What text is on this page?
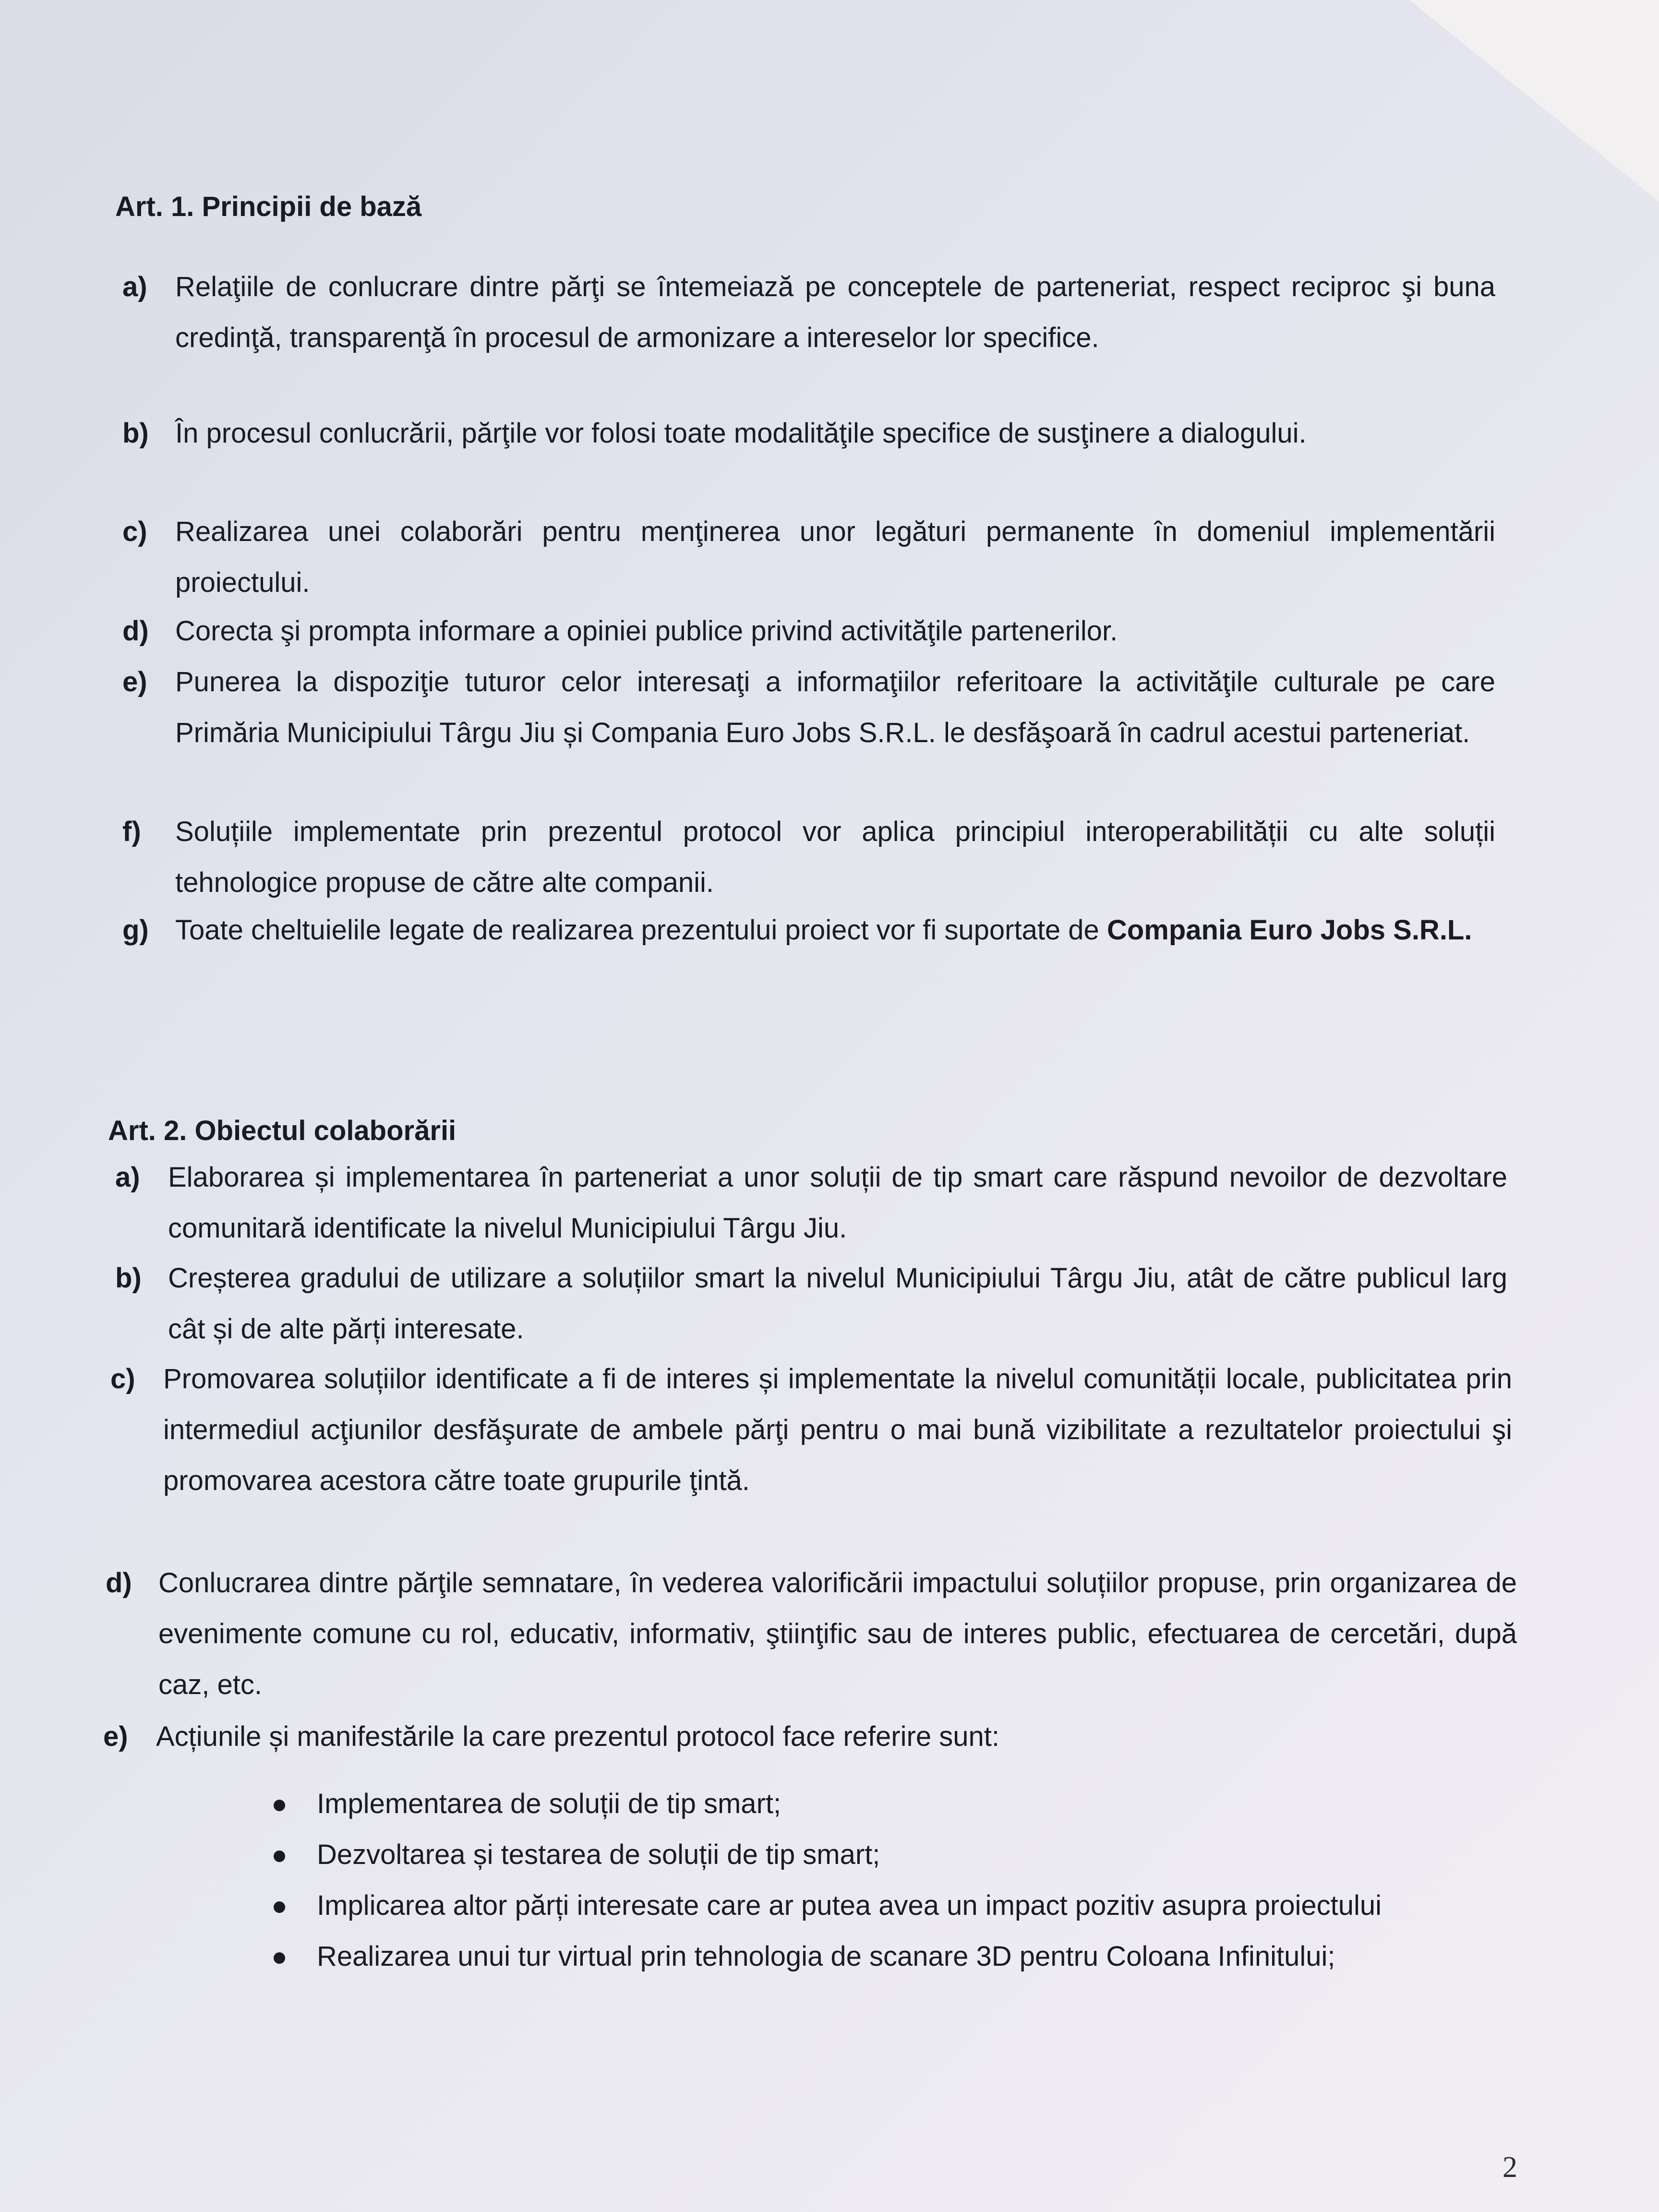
Art. 1. Principii de bază
a)	Relaţiile de conlucrare dintre părţi se întemeiază pe conceptele de parteneriat, respect reciproc şi buna credinţă, transparenţă în procesul de armonizare a intereselor lor specifice.
b) În procesul conlucrării, părţile vor folosi toate modalităţile specifice de susţinere a dialogului.
c)	Realizarea unei colaborări pentru menţinerea unor legături permanente în domeniul implementării proiectului.
d) Corecta şi prompta informare a opiniei publice privind activităţile partenerilor.
e)	Punerea la dispoziţie tuturor celor interesaţi a informaţiilor referitoare la activităţile culturale pe care Primăria Municipiului Târgu Jiu și Compania Euro Jobs S.R.L. le desfăşoară în cadrul acestui parteneriat.
f)	Soluțiile implementate prin prezentul protocol vor aplica principiul interoperabilității cu alte soluții tehnologice propuse de către alte companii.
g) Toate cheltuielile legate de realizarea prezentului proiect vor fi suportate de Compania Euro Jobs S.R.L.
Art. 2. Obiectul colaborării
a)	Elaborarea și implementarea în parteneriat a unor soluții de tip smart care răspund nevoilor de dezvoltare comunitară identificate la nivelul Municipiului Târgu Jiu.
b) Creșterea gradului de utilizare a soluțiilor smart la nivelul Municipiului Târgu Jiu, atât de către publicul larg cât și de alte părți interesate.
c)	Promovarea soluțiilor identificate a fi de interes și implementate la nivelul comunității locale, publicitatea prin intermediul acţiunilor desfăşurate de ambele părţi pentru o mai bună vizibilitate a rezultatelor proiectului şi promovarea acestora către toate grupurile ţintă.
d) Conlucrarea dintre părţile semnatare, în vederea valorificării impactului soluțiilor propuse, prin organizarea de evenimente comune cu rol, educativ, informativ, ştiinţific sau de interes public, efectuarea de cercetări, după caz, etc.
e)	Acțiunile și manifestările la care prezentul protocol face referire sunt:
Implementarea de soluții de tip smart;
Dezvoltarea și testarea de soluții de tip smart;
Implicarea altor părți interesate care ar putea avea un impact pozitiv asupra proiectului
Realizarea unui tur virtual prin tehnologia de scanare 3D pentru Coloana Infinitului;
2
